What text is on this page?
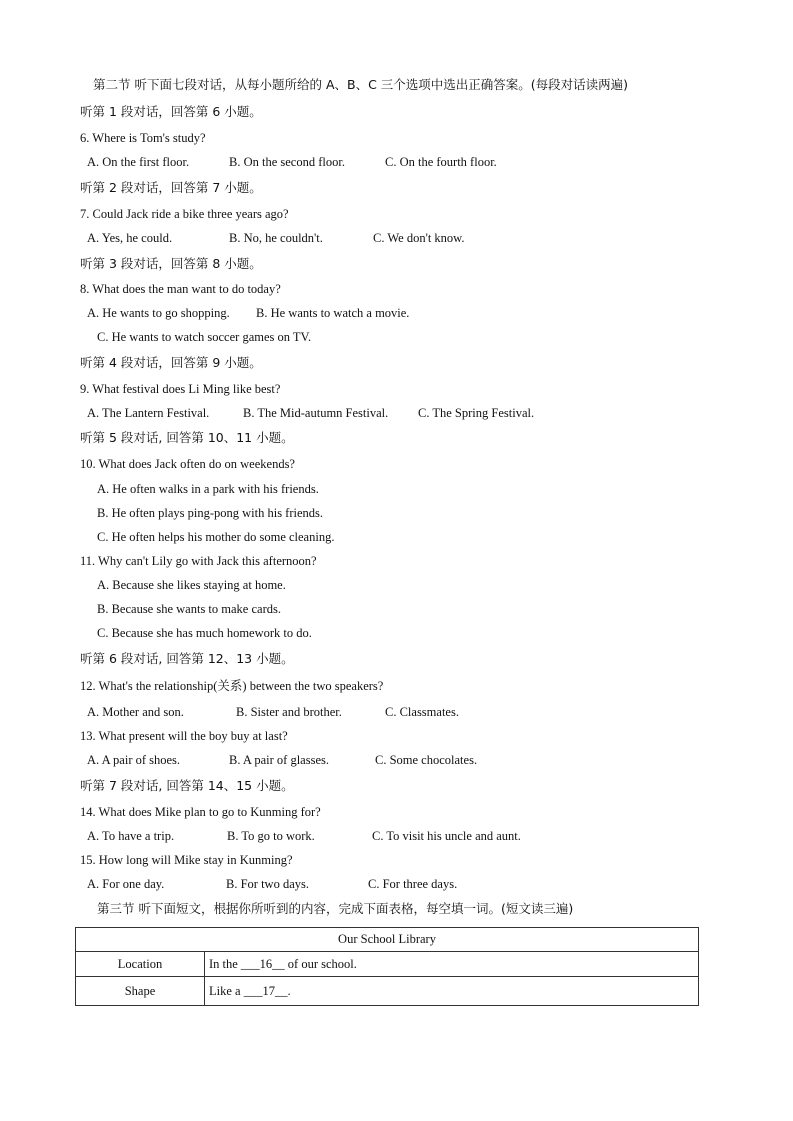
第二节 听下面七段对话，从每小题所给的 A、B、C 三个选项中选出正确答案。(每段对话读两遍)
听第 1 段对话，回答第 6 小题。
6. Where is Tom's study?
A. On the first floor.	B. On the second floor.	C. On the fourth floor.
听第 2 段对话，回答第 7 小题。
7. Could Jack ride a bike three years ago?
A. Yes, he could.	B. No, he couldn't.	C. We don't know.
听第 3 段对话，回答第 8 小题。
8. What does the man want to do today?
A. He wants to go shopping. B. He wants to watch a movie.
C. He wants to watch soccer games on TV.
听第 4 段对话，回答第 9 小题。
9. What festival does Li Ming like best?
A. The Lantern Festival.	B. The Mid-autumn Festival. C. The Spring Festival.
听第 5 段对话, 回答第 10、11 小题。
10. What does Jack often do on weekends?
A. He often walks in a park with his friends.
B. He often plays ping-pong with his friends.
C. He often helps his mother do some cleaning.
11. Why can't Lily go with Jack this afternoon?
A. Because she likes staying at home.
B. Because she wants to make cards.
C. Because she has much homework to do.
听第 6 段对话, 回答第 12、13 小题。
12. What's the relationship(关系) between the two speakers?
A. Mother and son.	B. Sister and brother.	C. Classmates.
13. What present will the boy buy at last?
A. A pair of shoes.	B. A pair of glasses.	C. Some chocolates.
听第 7 段对话, 回答第 14、15 小题。
14. What does Mike plan to go to Kunming for?
A. To have a trip.	B. To go to work.	C. To visit his uncle and aunt.
15. How long will Mike stay in Kunming?
A. For one day.	B. For two days.	C. For three days.
第三节 听下面短文，根据你所听到的内容，完成下面表格，每空填一词。(短文读三遍)
Our School Library	
Location	In the ___16__ of our school.
Shape	Like a ___17__.
